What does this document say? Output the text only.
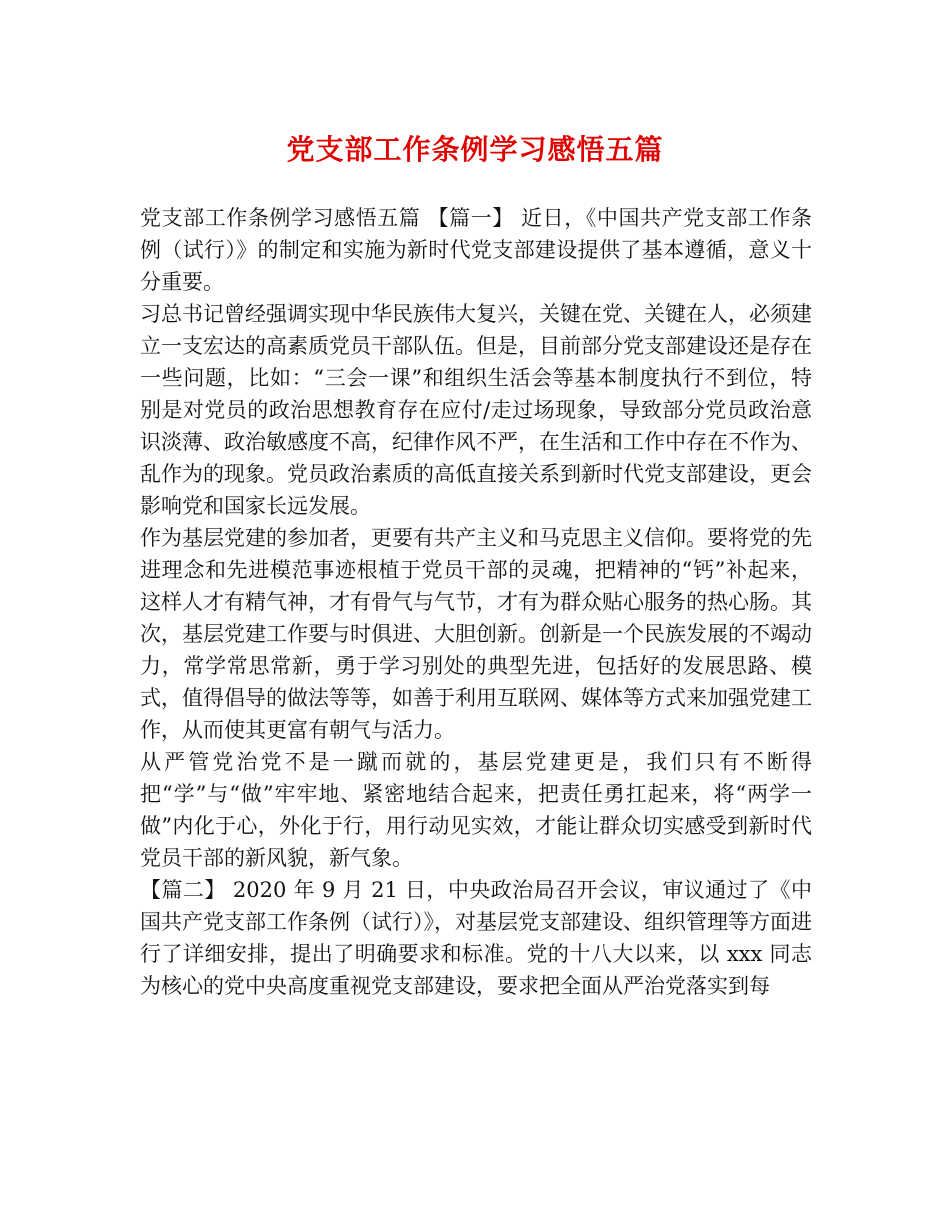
党支部工作条例学习感悟五篇

党支部工作条例学习感悟五篇 【篇一】 近日，《中国共产党支部工作条例（试行）》的制定和实施为新时代党支部建设提供了基本遵循，意义十分重要。

习总书记曾经强调实现中华民族伟大复兴，关键在党、关键在人，必须建立一支宏达的高素质党员干部队伍。但是，目前部分党支部建设还是存在一些问题，比如：“三会一课”和组织生活会等基本制度执行不到位，特别是对党员的政治思想教育存在应付/走过场现象，导致部分党员政治意识淡薄、政治敏感度不高，纪律作风不严，在生活和工作中存在不作为、乱作为的现象。党员政治素质的高低直接关系到新时代党支部建设，更会影响党和国家长远发展。

作为基层党建的参加者，更要有共产主义和马克思主义信仰。要将党的先进理念和先进模范事迹根植于党员干部的灵魂，把精神的“钙”补起来，这样人才有精气神，才有骨气与气节，才有为群众贴心服务的热心肠。其次，基层党建工作要与时俱进、大胆创新。创新是一个民族发展的不竭动力，常学常思常新，勇于学习别处的典型先进，包括好的发展思路、模式，值得倡导的做法等等，如善于利用互联网、媒体等方式来加强党建工作，从而使其更富有朝气与活力。

从严管党治党不是一蹴而就的，基层党建更是，我们只有不断得把“学”与“做”牢牢地、紧密地结合起来，把责任勇扛起来，将“两学一做”内化于心，外化于行，用行动见实效，才能让群众切实感受到新时代党员干部的新风貌，新气象。

【篇二】 2020 年 9 月 21 日，中央政治局召开会议，审议通过了《中国共产党支部工作条例（试行）》，对基层党支部建设、组织管理等方面进行了详细安排，提出了明确要求和标准。党的十八大以来，以 xxx 同志为核心的党中央高度重视党支部建设，要求把全面从严治党落实到每
